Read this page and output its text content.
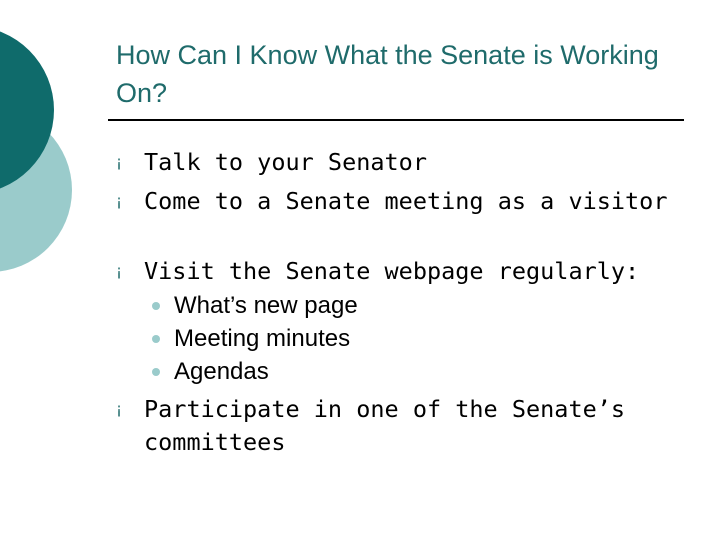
How Can I Know What the Senate is Working On?
¡ Talk to your Senator
¡ Come to a Senate meeting as a visitor
¡ Visit the Senate webpage regularly:
What’s new page
Meeting minutes
Agendas
¡ Participate in one of the Senate’s committees
